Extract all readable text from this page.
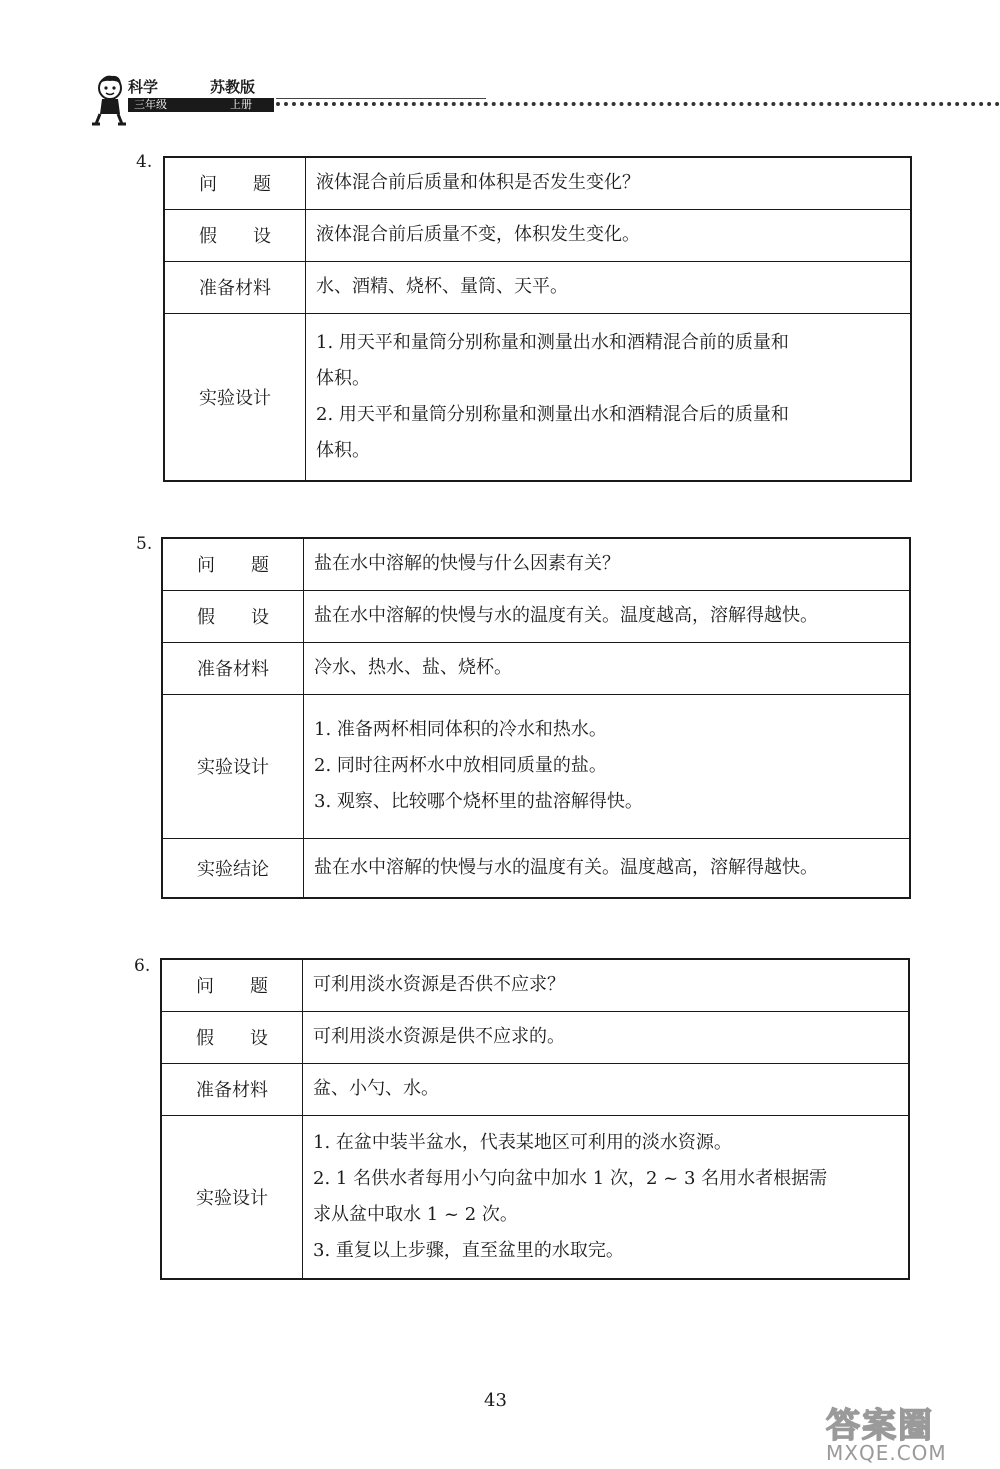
科学	苏教版
三年级	上册
4.
问　　题	液体混合前后质量和体积是否发生变化？

假　　设	液体混合前后质量不变，体积发生变化。

准备材料	水、酒精、烧杯、量筒、天平。

实验设计	1. 用天平和量筒分别称量和测量出水和酒精混合前的质量和
体积。
2. 用天平和量筒分别称量和测量出水和酒精混合后的质量和
体积。
5.
问　　题	盐在水中溶解的快慢与什么因素有关？

假　　设	盐在水中溶解的快慢与水的温度有关。温度越高，溶解得越快。

准备材料	冷水、热水、盐、烧杯。

实验设计	1. 准备两杯相同体积的冷水和热水。
2. 同时往两杯水中放相同质量的盐。
3. 观察、比较哪个烧杯里的盐溶解得快。

实验结论	盐在水中溶解的快慢与水的温度有关。温度越高，溶解得越快。
6.
问　　题	可利用淡水资源是否供不应求？

假　　设	可利用淡水资源是供不应求的。

准备材料	盆、小勺、水。

实验设计	1. 在盆中装半盆水，代表某地区可利用的淡水资源。
2. 1 名供水者每用小勺向盆中加水 1 次，2 ~ 3 名用水者根据需
求从盆中取水 1 ~ 2 次。
3. 重复以上步骤，直至盆里的水取完。
43
答案圈
MXQE.COM
